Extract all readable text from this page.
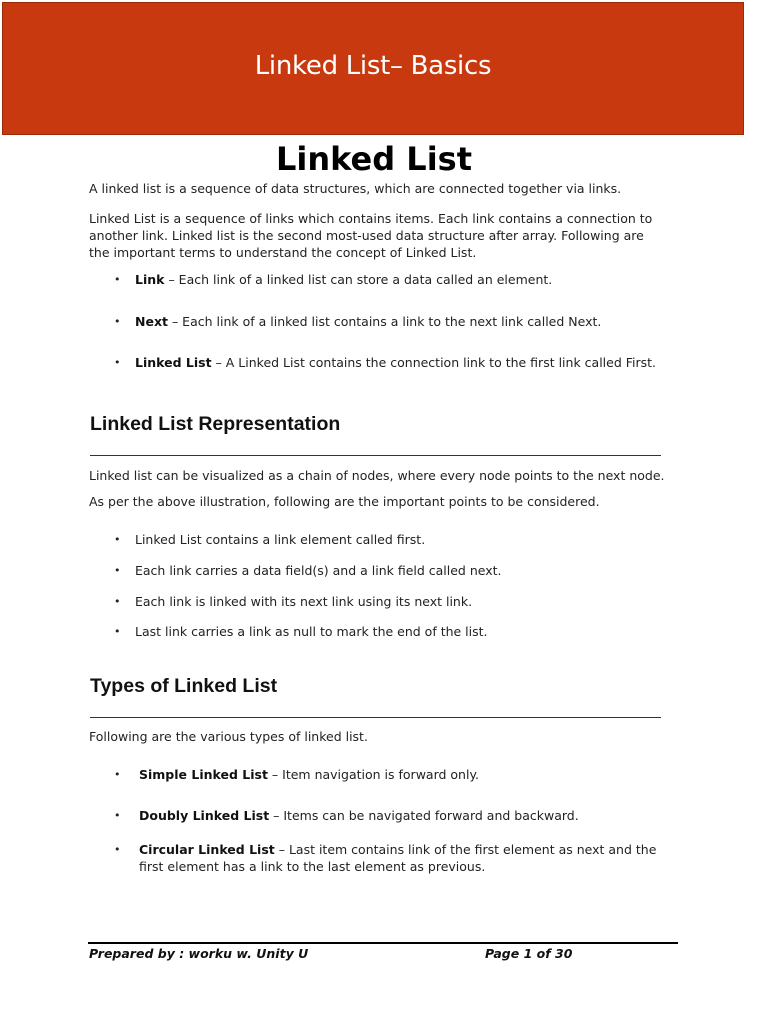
Linked List– Basics
Linked List
A linked list is a sequence of data structures, which are connected together via links.
Linked List is a sequence of links which contains items. Each link contains a connection to
another link. Linked list is the second most-used data structure after array. Following are
the important terms to understand the concept of Linked List.
• Link – Each link of a linked list can store a data called an element.
• Next – Each link of a linked list contains a link to the next link called Next.
• Linked List – A Linked List contains the connection link to the first link called First.
Linked List Representation
Linked list can be visualized as a chain of nodes, where every node points to the next node.
As per the above illustration, following are the important points to be considered.
• Linked List contains a link element called first.
• Each link carries a data field(s) and a link field called next.
• Each link is linked with its next link using its next link.
• Last link carries a link as null to mark the end of the list.
Types of Linked List
Following are the various types of linked list.
• Simple Linked List – Item navigation is forward only.
• Doubly Linked List – Items can be navigated forward and backward.
• Circular Linked List – Last item contains link of the first element as next and the
first element has a link to the last element as previous.
Prepared by : worku w. Unity U	Page 1 of 30
